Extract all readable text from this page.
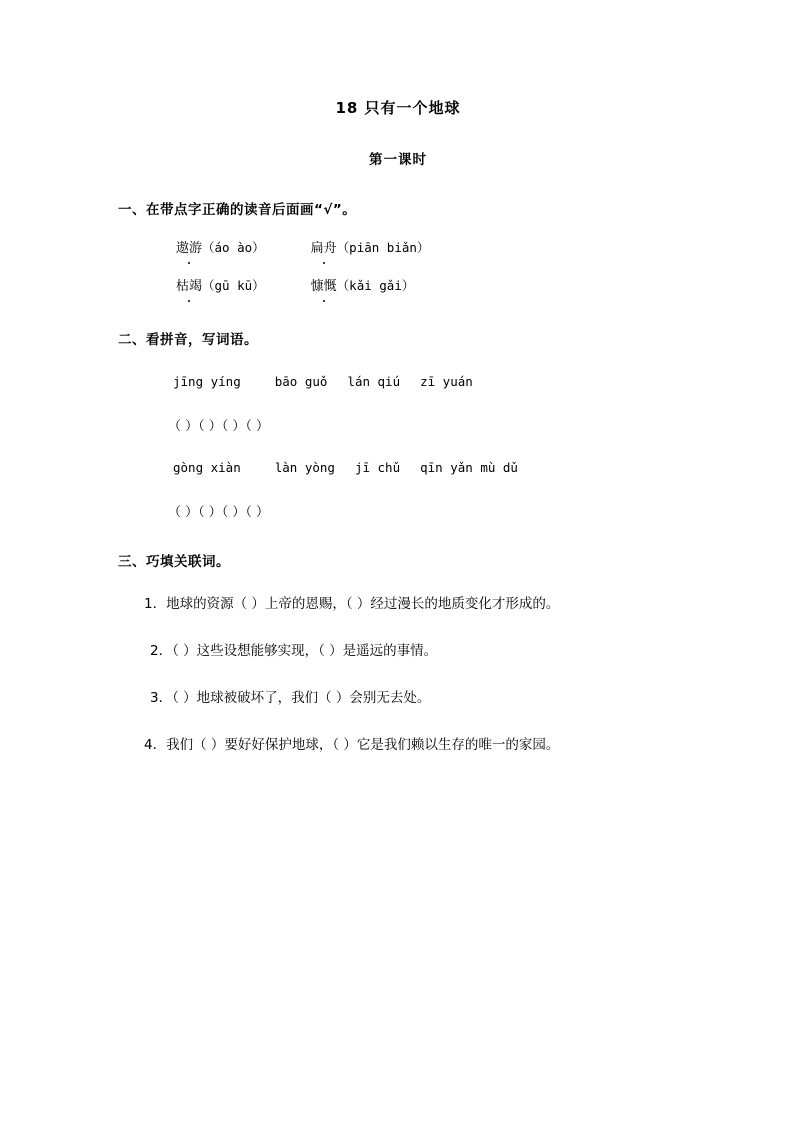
18 只有一个地球
第一课时
一、在带点字正确的读音后面画“√”。
遨游（áo ào）	扁舟（piān biǎn）
枯竭（gū kū）	慷慨（kǎi gǎi）
二、看拼音，写词语。
jīng yíng	bāo guǒ lán qiú zī yuán
（ ）（ ）（ ）（ ）
gòng xiàn	làn yòng jī chǔ qīn yǎn mù dǔ
（ ）（ ）（ ）（ ）
三、巧填关联词。
1．地球的资源（ ）上帝的恩赐，（ ）经过漫长的地质变化才形成的。
2．（ ）这些设想能够实现，（ ）是遥远的事情。
3．（ ）地球被破坏了，我们（ ）会别无去处。
4．我们（ ）要好好保护地球，（ ）它是我们赖以生存的唯一的家园。
